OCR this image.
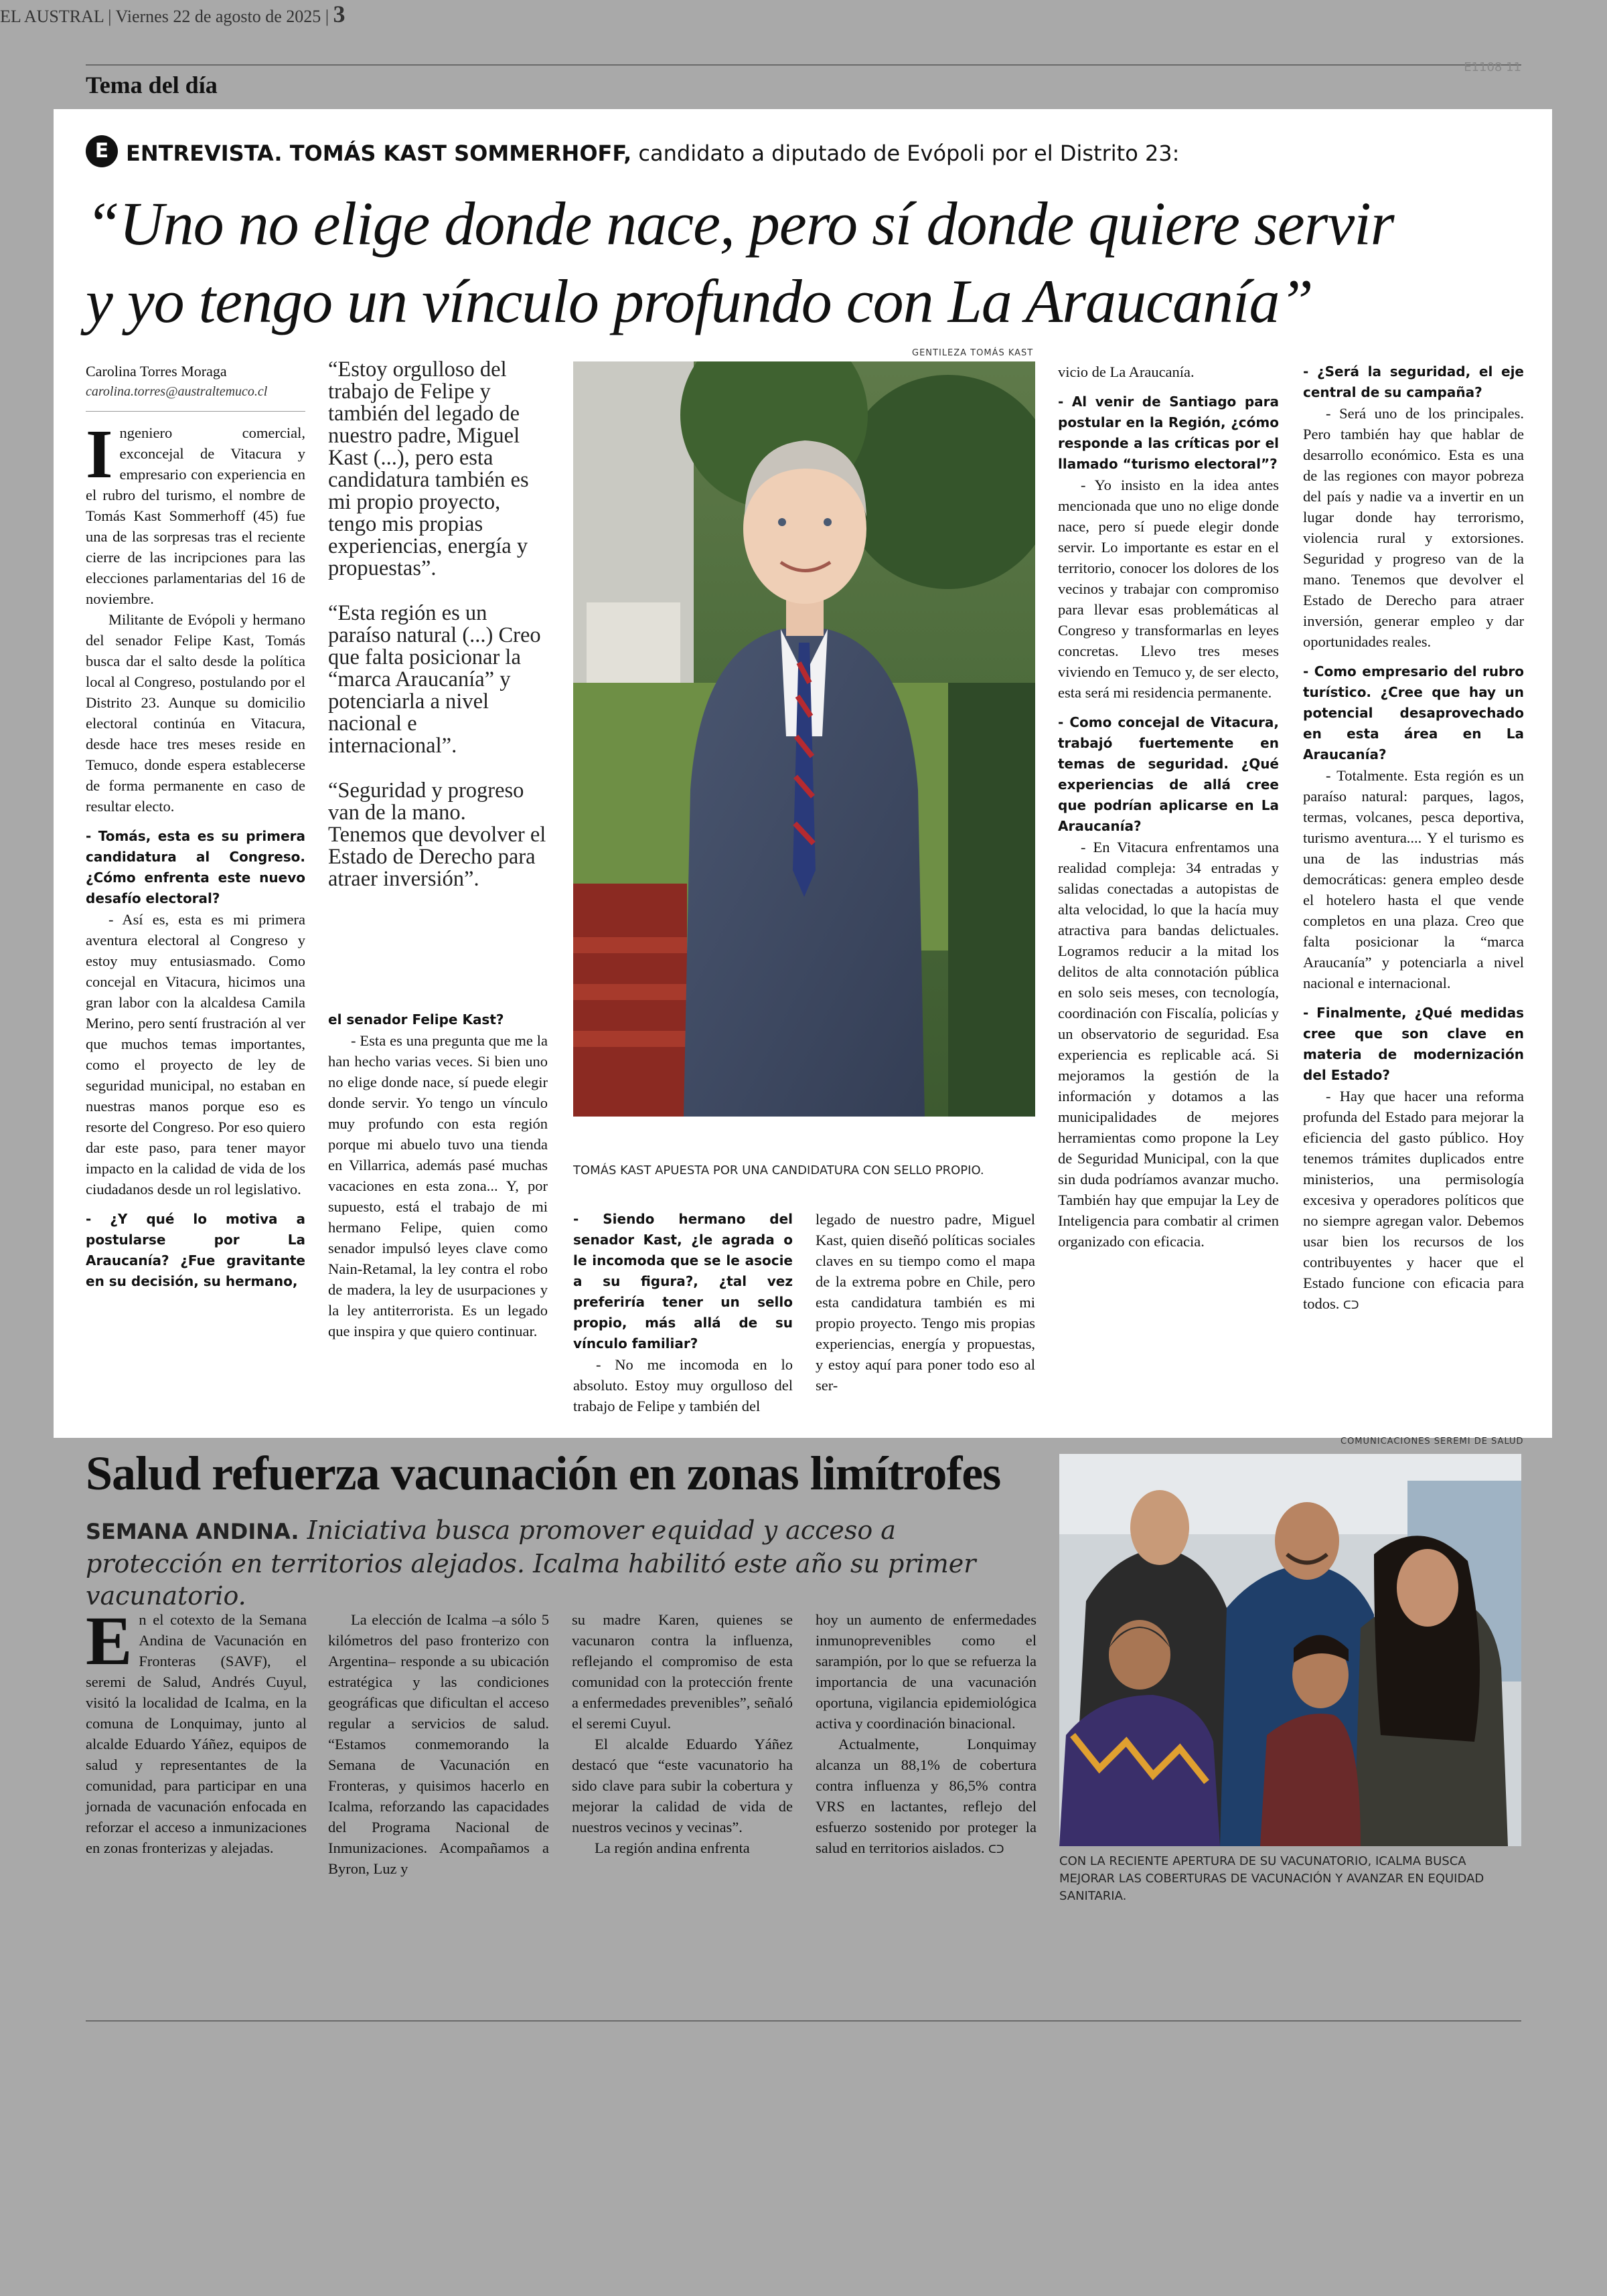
Tema del día
E1108 11
EL AUSTRAL | Viernes 22 de agosto de 2025 | 3
E ENTREVISTA. TOMÁS KAST SOMMERHOFF, candidato a diputado de Evópoli por el Distrito 23:
“Uno no elige donde nace, pero sí donde quiere servir
y yo tengo un vínculo profundo con La Araucanía”
Carolina Torres Moraga
carolina.torres@australtemuco.cl

Ingeniero comercial, exconcejal de Vitacura y empresario con experiencia en el rubro del turismo, el nombre de Tomás Kast Sommerhoff (45) fue una de las sorpresas tras el reciente cierre de las incripciones para las elecciones parlamentarias del 16 de noviembre.

Militante de Evópoli y hermano del senador Felipe Kast, Tomás busca dar el salto desde la política local al Congreso, postulando por el Distrito 23. Aunque su domicilio electoral continúa en Vitacura, desde hace tres meses reside en Temuco, donde espera establecerse de forma permanente en caso de resultar electo.

- Tomás, esta es su primera candidatura al Congreso. ¿Cómo enfrenta este nuevo desafío electoral?

- Así es, esta es mi primera aventura electoral al Congreso y estoy muy entusiasmado. Como concejal en Vitacura, hicimos una gran labor con la alcaldesa Camila Merino, pero sentí frustración al ver que muchos temas importantes, como el proyecto de ley de seguridad municipal, no estaban en nuestras manos porque eso es resorte del Congreso. Por eso quiero dar este paso, para tener mayor impacto en la calidad de vida de los ciudadanos desde un rol legislativo.

- ¿Y qué lo motiva a postularse por La Araucanía? ¿Fue gravitante en su decisión, su hermano,

“Estoy orgulloso del trabajo de Felipe y también del legado de nuestro padre, Miguel Kast (...), pero esta candidatura también es mi propio proyecto, tengo mis propias experiencias, energía y propuestas”.

“Esta región es un paraíso natural (...) Creo que falta posicionar la “marca Araucanía” y potenciarla a nivel nacional e internacional”.

“Seguridad y progreso van de la mano. Tenemos que devolver el Estado de Derecho para atraer inversión”.

el senador Felipe Kast?

- Esta es una pregunta que me la han hecho varias veces. Si bien uno no elige donde nace, sí puede elegir donde servir. Yo tengo un vínculo muy profundo con esta región porque mi abuelo tuvo una tienda en Villarrica, además pasé muchas vacaciones en esta zona... Y, por supuesto, está el trabajo de mi hermano Felipe, quien como senador impulsó leyes clave como Nain-Retamal, la ley contra el robo de madera, la ley de usurpaciones y la ley antiterrorista. Es un legado que inspira y que quiero continuar.

GENTILEZA TOMÁS KAST
TOMÁS KAST APUESTA POR UNA CANDIDATURA CON SELLO PROPIO.

- Siendo hermano del senador Kast, ¿le agrada o le incomoda que se le asocie a su figura?, ¿tal vez preferiría tener un sello propio, más allá de su vínculo familiar?

- No me incomoda en lo absoluto. Estoy muy orgulloso del trabajo de Felipe y también del

legado de nuestro padre, Miguel Kast, quien diseñó políticas sociales claves en su tiempo como el mapa de la extrema pobre en Chile, pero esta candidatura también es mi propio proyecto. Tengo mis propias experiencias, energía y propuestas, y estoy aquí para poner todo eso al ser-

vicio de La Araucanía.

- Al venir de Santiago para postular en la Región, ¿cómo responde a las críticas por el llamado “turismo electoral”?

- Yo insisto en la idea antes mencionada que uno no elige donde nace, pero sí puede elegir donde servir. Lo importante es estar en el territorio, conocer los dolores de los vecinos y trabajar con compromiso para llevar esas problemáticas al Congreso y transformarlas en leyes concretas. Llevo tres meses viviendo en Temuco y, de ser electo, esta será mi residencia permanente.

- Como concejal de Vitacura, trabajó fuertemente en temas de seguridad. ¿Qué experiencias de allá cree que podrían aplicarse en La Araucanía?

- En Vitacura enfrentamos una realidad compleja: 34 entradas y salidas conectadas a autopistas de alta velocidad, lo que la hacía muy atractiva para bandas delictuales. Logramos reducir a la mitad los delitos de alta connotación pública en solo seis meses, con tecnología, coordinación con Fiscalía, policías y un observatorio de seguridad. Esa experiencia es replicable acá. Si mejoramos la gestión de la información y dotamos a las municipalidades de mejores herramientas como propone la Ley de Seguridad Municipal, con la que sin duda podríamos avanzar mucho. También hay que empujar la Ley de Inteligencia para combatir al crimen organizado con eficacia.

- ¿Será la seguridad, el eje central de su campaña?

- Será uno de los principales. Pero también hay que hablar de desarrollo económico. Esta es una de las regiones con mayor pobreza del país y nadie va a invertir en un lugar donde hay terrorismo, violencia rural y extorsiones. Seguridad y progreso van de la mano. Tenemos que devolver el Estado de Derecho para atraer inversión, generar empleo y dar oportunidades reales.

- Como empresario del rubro turístico. ¿Cree que hay un potencial desaprovechado en esta área en La Araucanía?

- Totalmente. Esta región es un paraíso natural: parques, lagos, termas, volcanes, pesca deportiva, turismo aventura.... Y el turismo es una de las industrias más democráticas: genera empleo desde el hotelero hasta el que vende completos en una plaza. Creo que falta posicionar la “marca Araucanía” y potenciarla a nivel nacional e internacional.

- Finalmente, ¿Qué medidas cree que son clave en materia de modernización del Estado?

- Hay que hacer una reforma profunda del Estado para mejorar la eficiencia del gasto público. Hoy tenemos trámites duplicados entre ministerios, una permisología excesiva y operadores políticos que no siempre agregan valor. Debemos usar bien los recursos de los contribuyentes y hacer que el Estado funcione con eficacia para todos. ᑕᑐ

Salud refuerza vacunación en zonas limítrofes
SEMANA ANDINA. Iniciativa busca promover equidad y acceso a protección en territorios alejados. Icalma habilitó este año su primer vacunatorio.

En el cotexto de la Semana Andina de Vacunación en Fronteras (SAVF), el seremi de Salud, Andrés Cuyul, visitó la localidad de Icalma, en la comuna de Lonquimay, junto al alcalde Eduardo Yáñez, equipos de salud y representantes de la comunidad, para participar en una jornada de vacunación enfocada en reforzar el acceso a inmunizaciones en zonas fronterizas y alejadas.

La elección de Icalma –a sólo 5 kilómetros del paso fronterizo con Argentina– responde a su ubicación estratégica y las condiciones geográficas que dificultan el acceso regular a servicios de salud. “Estamos conmemorando la Semana de Vacunación en Fronteras, y quisimos hacerlo en Icalma, reforzando las capacidades del Programa Nacional de Inmunizaciones. Acompañamos a Byron, Luz y

su madre Karen, quienes se vacunaron contra la influenza, reflejando el compromiso de esta comunidad con la protección frente a enfermedades prevenibles”, señaló el seremi Cuyul.

El alcalde Eduardo Yáñez destacó que “este vacunatorio ha sido clave para subir la cobertura y mejorar la calidad de vida de nuestros vecinos y vecinas”.

La región andina enfrenta

hoy un aumento de enfermedades inmunoprevenibles como el sarampión, por lo que se refuerza la importancia de una vacunación oportuna, vigilancia epidemiológica activa y coordinación binacional.

Actualmente, Lonquimay alcanza un 88,1% de cobertura contra influenza y 86,5% contra VRS en lactantes, reflejo del esfuerzo sostenido por proteger la salud en territorios aislados. ᑕᑐ

COMUNICACIONES SEREMI DE SALUD
CON LA RECIENTE APERTURA DE SU VACUNATORIO, ICALMA BUSCA MEJORAR LAS COBERTURAS DE VACUNACIÓN Y AVANZAR EN EQUIDAD SANITARIA.
